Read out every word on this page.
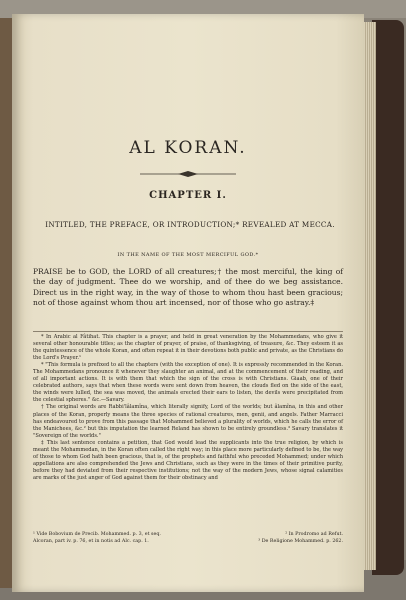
AL KORAN.
CHAPTER I.
INTITLED, THE PREFACE, OR INTRODUCTION;* REVEALED AT MECCA.
IN THE NAME OF THE MOST MERCIFUL GOD.*

PRAISE be to GOD, the LORD of all creatures;† the most merciful, the king of the day of judgment. Thee do we worship, and of thee do we beg assistance. Direct us in the right way, in the way of those to whom thou hast been gracious; not of those against whom thou art incensed, nor of those who go astray.‡

* In Arabic al Fâtihat. This chapter is a prayer, and held in great veneration by the Mohammedans, who give it several other honourable titles; as the chapter of prayer, of praise, of thanksgiving, of treasure, &c. They esteem it as the quintessence of the whole Koran, and often repeat it in their devotions both public and private, as the Christians do the Lord's Prayer.¹

* "This formula is prefixed to all the chapters (with the exception of one). It is expressly recommended in the Koran. The Mohammedans pronounce it whenever they slaughter an animal, and at the commencement of their reading, and of all important actions. It is with them that which the sign of the cross is with Christians. Giaab, one of their celebrated authors, says that when these words were sent down from heaven, the clouds fled on the side of the east, the winds were lulled, the sea was moved, the animals erected their ears to listen, the devils were precipitated from the celestial spheres." &c.—Savary.

† The original words are Rabbi'lâlamîna, which literally signify, Lord of the worlds; but âlamîna, in this and other places of the Koran, properly means the three species of rational creatures, men, genii, and angels. Father Marracci has endeavoured to prove from this passage that Mohammed believed a plurality of worlds, which he calls the error of the Manichees, &c.² but this imputation the learned Reland has shown to be entirely groundless.³ Savary translates it "Sovereign of the worlds."

‡ This last sentence contains a petition, that God would lead the supplicants into the true religion, by which is meant the Mohammedan, in the Koran often called the right way; in this place more particularly defined to be, the way of those to whom God hath been gracious, that is, of the prophets and faithful who preceded Mohammed; under which appellations are also comprehended the Jews and Christians, such as they were in the times of their primitive purity, before they had deviated from their respective institutions; not the way of the modern Jews, whose signal calamities are marks of the just anger of God against them for their obstinacy and

¹ Vide Bobovium de Precib. Mohammed. p. 3, et seq.	² In Prodromo ad Refut.
Alcoran, part iv. p. 76, et in notis ad Alc. cap. 1.	³ De Religione Mohammed. p. 262.
